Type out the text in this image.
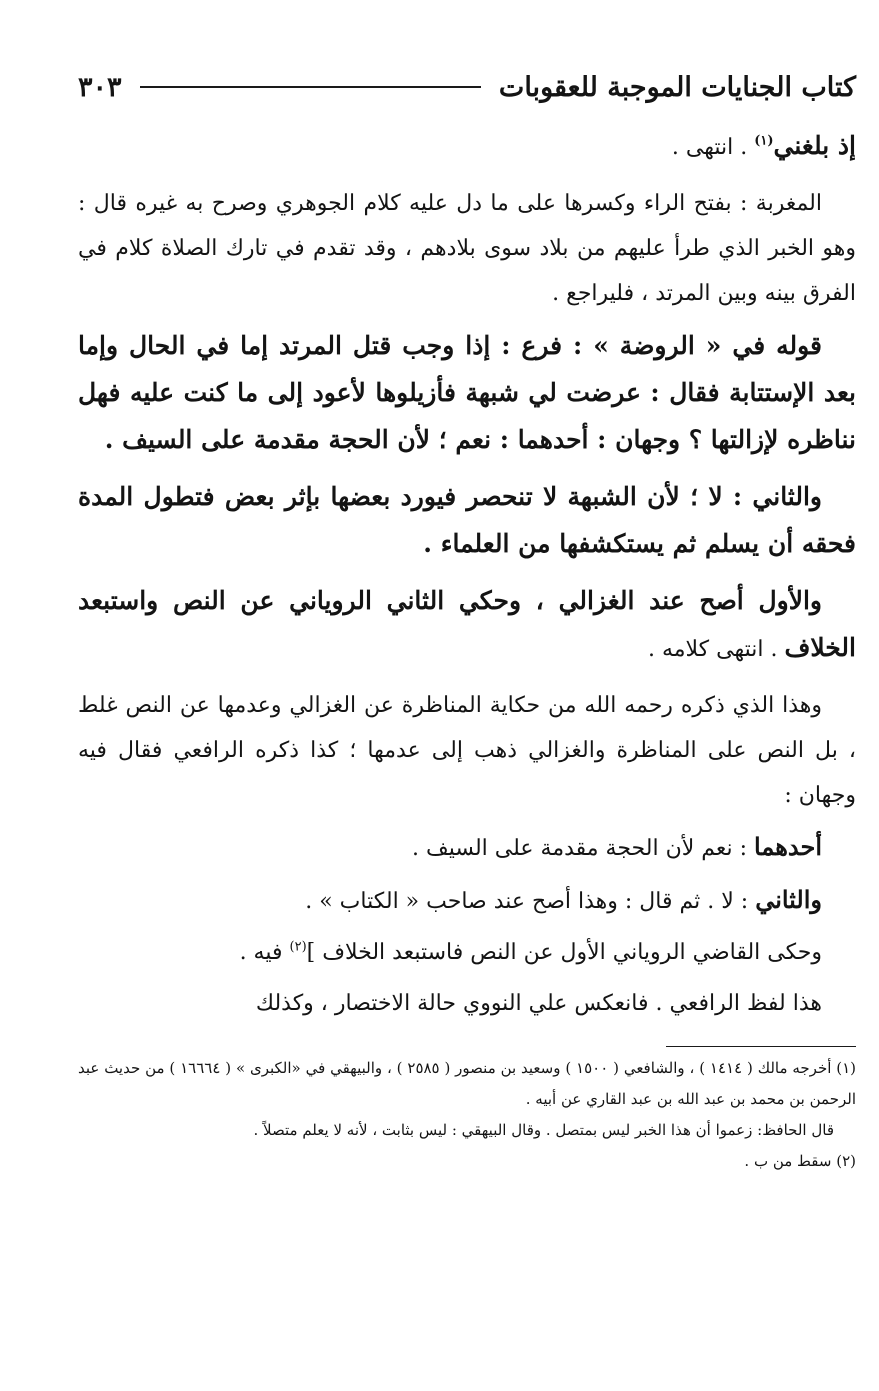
كتاب الجنايات الموجبة للعقوبات
٣٠٣

إذ بلغني$^{(١)}$ . انتهى .

المغربة : بفتح الراء وكسرها على ما دل عليه كلام الجوهري وصرح به غيره قال : وهو الخبر الذي طرأ عليهم من بلاد سوى بلادهم ، وقد تقدم في تارك الصلاة كلام في الفرق بينه وبين المرتد ، فليراجع .

قوله في « الروضة » : فرع : إذا وجب قتل المرتد إما في الحال وإما بعد الإستتابة فقال : عرضت لي شبهة فأزيلوها لأعود إلى ما كنت عليه فهل نناظره لإزالتها ؟ وجهان : أحدهما : نعم ؛ لأن الحجة مقدمة على السيف .

والثاني : لا ؛ لأن الشبهة لا تنحصر فيورد بعضها بإثر بعض فتطول المدة فحقه أن يسلم ثم يستكشفها من العلماء .

والأول أصح عند الغزالي ، وحكي الثاني الروياني عن النص واستبعد الخلاف . انتهى كلامه .

وهذا الذي ذكره رحمه الله من حكاية المناظرة عن الغزالي وعدمها عن النص غلط ، بل النص على المناظرة والغزالي ذهب إلى عدمها ؛ كذا ذكره الرافعي فقال فيه وجهان :

أحدهما : نعم لأن الحجة مقدمة على السيف .

والثاني : لا . ثم قال : وهذا أصح عند صاحب « الكتاب » .

وحكى القاضي الروياني الأول عن النص فاستبعد الخلاف ]$^{(٢)}$ فيه .

هذا لفظ الرافعي . فانعكس علي النووي حالة الاختصار ، وكذلك

(١) أخرجه مالك ( ١٤١٤ ) ، والشافعي ( ١٥٠٠ ) وسعيد بن منصور ( ٢٥٨٥ ) ، والبيهقي في «الكبرى » ( ١٦٦٦٤ ) من حديث عبد الرحمن بن محمد بن عبد الله بن عبد القاري عن أبيه .

قال الحافظ: زعموا أن هذا الخبر ليس بمتصل . وقال البيهقي : ليس بثابت ، لأنه لا يعلم متصلاً .

(٢) سقط من ب .
